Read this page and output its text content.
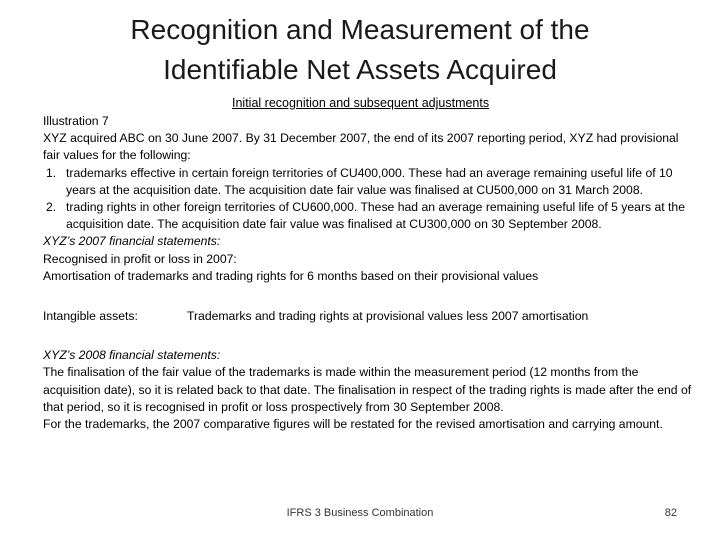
Recognition and Measurement of the
Identifiable Net Assets Acquired
Initial recognition and subsequent adjustments

Illustration 7

XYZ acquired ABC on 30 June 2007. By 31 December 2007, the end of its 2007 reporting period, XYZ had provisional fair values for the following:

1. trademarks effective in certain foreign territories of CU400,000. These had an average remaining useful life of 10 years at the acquisition date. The acquisition date fair value was finalised at CU500,000 on 31 March 2008.
2. trading rights in other foreign territories of CU600,000. These had an average remaining useful life of 5 years at the acquisition date. The acquisition date fair value was finalised at CU300,000 on 30 September 2008.

XYZ’s 2007 financial statements:

Recognised in profit or loss in 2007:

Amortisation of trademarks and trading rights for 6 months based on their provisional values

Intangible assets:	Trademarks and trading rights at provisional values less 2007 amortisation

XYZ’s 2008 financial statements:

The finalisation of the fair value of the trademarks is made within the measurement period (12 months from the acquisition date), so it is related back to that date. The finalisation in respect of the trading rights is made after the end of that period, so it is recognised in profit or loss prospectively from 30 September 2008.

For the trademarks, the 2007 comparative figures will be restated for the revised amortisation and carrying amount.

IFRS 3 Business Combination	82
